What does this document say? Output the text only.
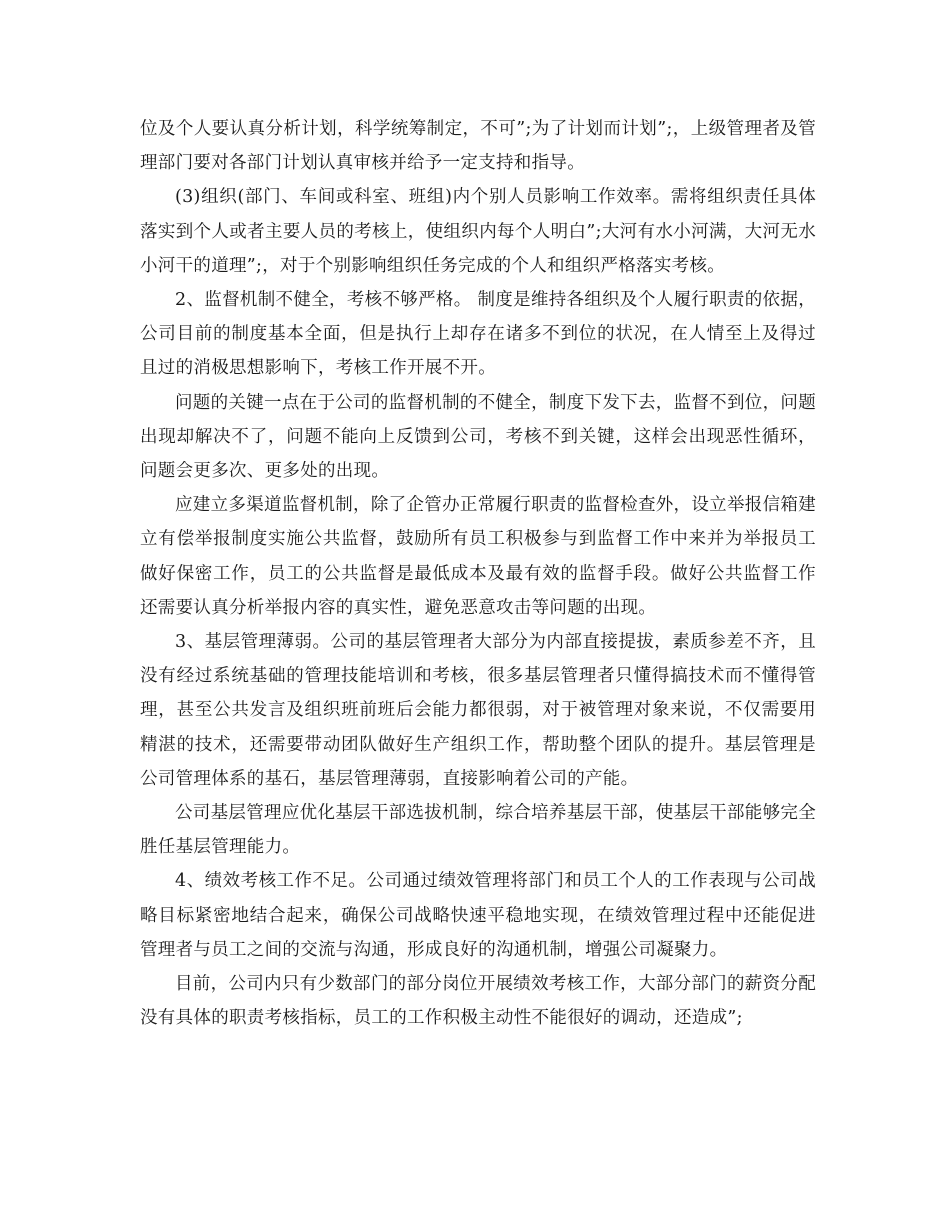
位及个人要认真分析计划，科学统筹制定，不可”;为了计划而计划”;，上级管理者及管理部门要对各部门计划认真审核并给予一定支持和指导。

(3)组织(部门、车间或科室、班组)内个别人员影响工作效率。需将组织责任具体落实到个人或者主要人员的考核上，使组织内每个人明白”;大河有水小河满，大河无水小河干的道理”;，对于个别影响组织任务完成的个人和组织严格落实考核。

2、监督机制不健全，考核不够严格。 制度是维持各组织及个人履行职责的依据，公司目前的制度基本全面，但是执行上却存在诸多不到位的状况，在人情至上及得过且过的消极思想影响下，考核工作开展不开。

问题的关键一点在于公司的监督机制的不健全，制度下发下去，监督不到位，问题出现却解决不了，问题不能向上反馈到公司，考核不到关键，这样会出现恶性循环，问题会更多次、更多处的出现。

应建立多渠道监督机制，除了企管办正常履行职责的监督检查外，设立举报信箱建立有偿举报制度实施公共监督，鼓励所有员工积极参与到监督工作中来并为举报员工做好保密工作，员工的公共监督是最低成本及最有效的监督手段。做好公共监督工作还需要认真分析举报内容的真实性，避免恶意攻击等问题的出现。

3、基层管理薄弱。公司的基层管理者大部分为内部直接提拔，素质参差不齐，且没有经过系统基础的管理技能培训和考核，很多基层管理者只懂得搞技术而不懂得管理，甚至公共发言及组织班前班后会能力都很弱，对于被管理对象来说，不仅需要用精湛的技术，还需要带动团队做好生产组织工作，帮助整个团队的提升。基层管理是公司管理体系的基石，基层管理薄弱，直接影响着公司的产能。

公司基层管理应优化基层干部选拔机制，综合培养基层干部，使基层干部能够完全胜任基层管理能力。

4、绩效考核工作不足。公司通过绩效管理将部门和员工个人的工作表现与公司战略目标紧密地结合起来，确保公司战略快速平稳地实现，在绩效管理过程中还能促进管理者与员工之间的交流与沟通，形成良好的沟通机制，增强公司凝聚力。

目前，公司内只有少数部门的部分岗位开展绩效考核工作，大部分部门的薪资分配没有具体的职责考核指标，员工的工作积极主动性不能很好的调动，还造成”;
